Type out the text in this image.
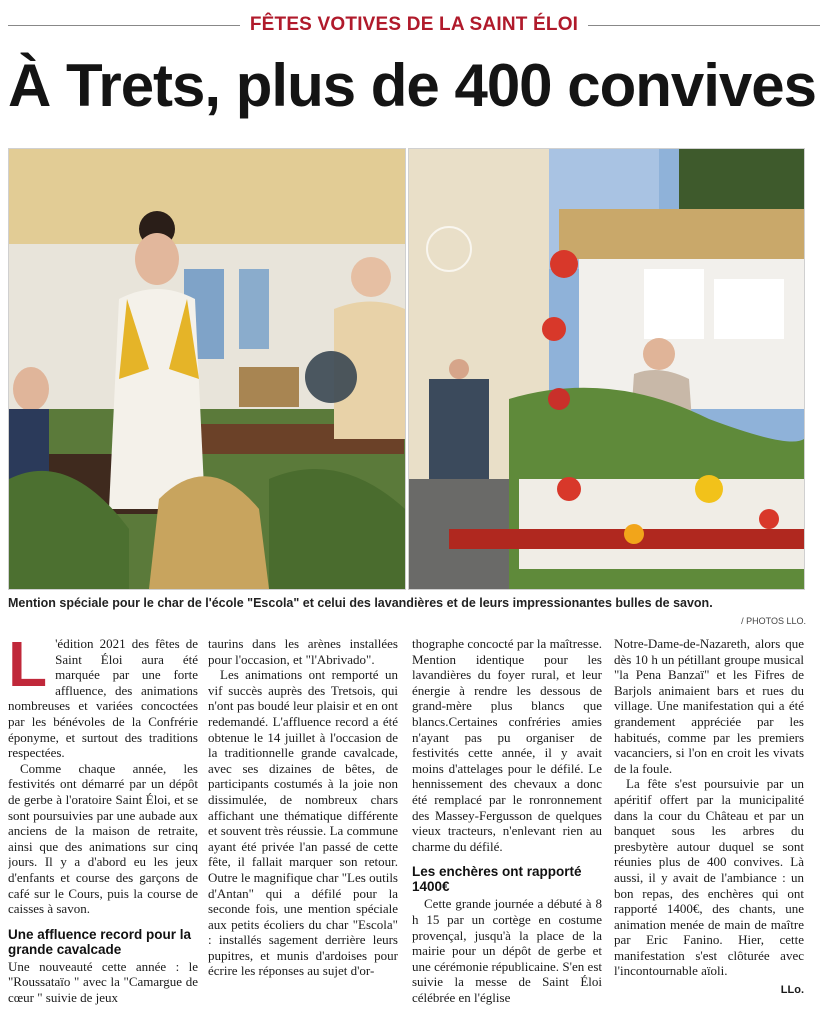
FÊTES VOTIVES DE LA SAINT ÉLOI
À Trets, plus de 400 convives
Mention spéciale pour le char de l'école "Escola" et celui des lavandières et de leurs impressionantes bulles de savon.
/ PHOTOS LLO.
L 'édition 2021 des fêtes de Saint Éloi aura été marquée par une forte affluence, des animations nombreuses et variées concoctées par les bénévoles de la Confrérie éponyme, et surtout des traditions respectées.

Comme chaque année, les festivités ont démarré par un dépôt de gerbe à l'oratoire Saint Éloi, et se sont poursuivies par une aubade aux anciens de la maison de retraite, ainsi que des animations sur cinq jours. Il y a d'abord eu les jeux d'enfants et course des garçons de café sur le Cours, puis la course de caisses à savon.

Une affluence record pour la grande cavalcade

Une nouveauté cette année : le "Roussataïo " avec la "Camargue de cœur " suivie de jeux

taurins dans les arènes installées pour l'occasion, et "l'Abrivado".

Les animations ont remporté un vif succès auprès des Tretsois, qui n'ont pas boudé leur plaisir et en ont redemandé. L'affluence record a été obtenue le 14 juillet à l'occasion de la traditionnelle grande cavalcade, avec ses dizaines de bêtes, de participants costumés à la joie non dissimulée, de nombreux chars affichant une thématique différente et souvent très réussie. La commune ayant été privée l'an passé de cette fête, il fallait marquer son retour. Outre le magnifique char "Les outils d'Antan" qui a défilé pour la seconde fois, une mention spéciale aux petits écoliers du char "Escola" : installés sagement derrière leurs pupitres, et munis d'ardoises pour écrire les réponses au sujet d'or-

thographe concocté par la maîtresse. Mention identique pour les lavandières du foyer rural, et leur énergie à rendre les dessous de grand-mère plus blancs que blancs.Certaines confréries amies n'ayant pas pu organiser de festivités cette année, il y avait moins d'attelages pour le défilé. Le hennissement des chevaux a donc été remplacé par le ronronnement des Massey-Fergusson de quelques vieux tracteurs, n'enlevant rien au charme du défilé.

Les enchères ont rapporté 1400€

Cette grande journée a débuté à 8 h 15 par un cortège en costume provençal, jusqu'à la place de la mairie pour un dépôt de gerbe et une cérémonie républicaine. S'en est suivie la messe de Saint Éloi célébrée en l'église

Notre-Dame-de-Nazareth, alors que dès 10 h un pétillant groupe musical "la Pena Banzaï" et les Fifres de Barjols animaient bars et rues du village. Une manifestation qui a été grandement appréciée par les habitués, comme par les premiers vacanciers, si l'on en croit les vivats de la foule.

La fête s'est poursuivie par un apéritif offert par la municipalité dans la cour du Château et par un banquet sous les arbres du presbytère autour duquel se sont réunies plus de 400 convives. Là aussi, il y avait de l'ambiance : un bon repas, des enchères qui ont rapporté 1400€, des chants, une animation menée de main de maître par Eric Fanino. Hier, cette manifestation s'est clôturée avec l'incontournable aïoli.

LLo.
